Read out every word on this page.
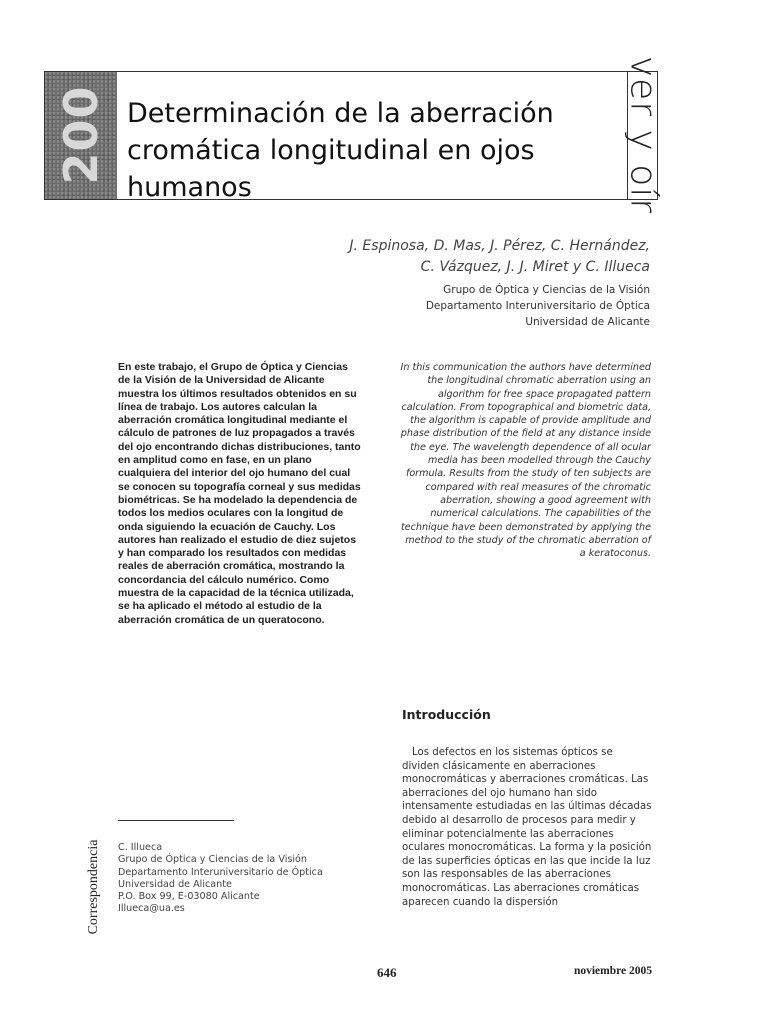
200 Determinación de la aberración
cromática longitudinal en ojos humanos	ver y oír
J. Espinosa, D. Mas, J. Pérez, C. Hernández,
C. Vázquez, J. J. Miret y C. Illueca
Grupo de Óptica y Ciencias de la Visión
Departamento Interuniversitario de Óptica
Universidad de Alicante
En este trabajo, el Grupo de Óptica y Ciencias de la Visión de la Universidad de Alicante muestra los últimos resultados obtenidos en su línea de trabajo. Los autores calculan la aberración cromática longitudinal mediante el cálculo de patrones de luz propagados a través del ojo encontrando dichas distribuciones, tanto en amplitud como en fase, en un plano cualquiera del interior del ojo humano del cual se conocen su topografía corneal y sus medidas biométricas. Se ha modelado la dependencia de todos los medios oculares con la longitud de onda siguiendo la ecuación de Cauchy. Los autores han realizado el estudio de diez sujetos y han comparado los resultados con medidas reales de aberración cromática, mostrando la concordancia del cálculo numérico. Como muestra de la capacidad de la técnica utilizada, se ha aplicado el método al estudio de la aberración cromática de un queratocono.
In this communication the authors have determined the longitudinal chromatic aberration using an algorithm for free space propagated pattern calculation. From topographical and biometric data, the algorithm is capable of provide amplitude and phase distribution of the field at any distance inside the eye. The wavelength dependence of all ocular media has been modelled through the Cauchy formula. Results from the study of ten subjects are compared with real measures of the chromatic aberration, showing a good agreement with numerical calculations. The capabilities of the technique have been demonstrated by applying the method to the study of the chromatic aberration of a keratoconus.
Introducción
Los defectos en los sistemas ópticos se dividen clásicamente en aberraciones monocromáticas y aberraciones cromáticas. Las aberraciones del ojo humano han sido intensamente estudiadas en las últimas décadas debido al desarrollo de procesos para medir y eliminar potencialmente las aberraciones oculares monocromáticas. La forma y la posición de las superficies ópticas en las que incide la luz son las responsables de las aberraciones monocromáticas. Las aberraciones cromáticas aparecen cuando la dispersión
Correspondencia C. Illueca
Grupo de Óptica y Ciencias de la Visión
Departamento Interuniversitario de Óptica
Universidad de Alicante
P.O. Box 99, E-03080 Alicante
Illueca@ua.es
646	noviembre 2005
